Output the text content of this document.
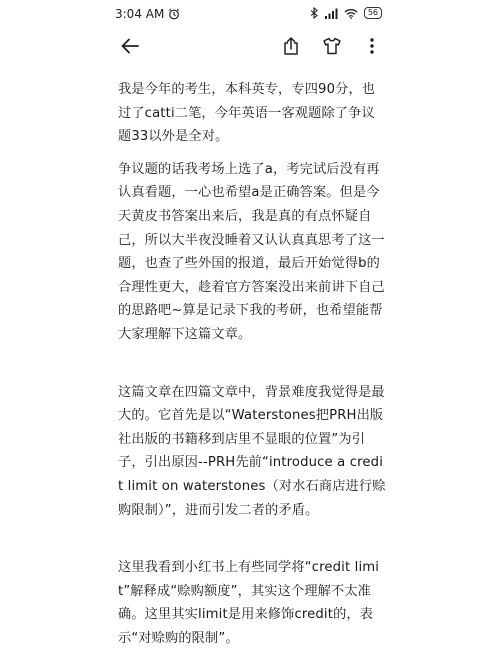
3:04 AM	56

我是今年的考生，本科英专，专四90分，也过了catti二笔，今年英语一客观题除了争议题33以外是全对。

争议题的话我考场上选了a，考完试后没有再认真看题，一心也希望a是正确答案。但是今天黄皮书答案出来后，我是真的有点怀疑自己，所以大半夜没睡着又认认真真思考了这一题，也查了些外国的报道，最后开始觉得b的合理性更大，趁着官方答案没出来前讲下自己的思路吧~算是记录下我的考研，也希望能帮大家理解下这篇文章。

这篇文章在四篇文章中，背景难度我觉得是最大的。它首先是以“Waterstones把PRH出版社出版的书籍移到店里不显眼的位置”为引子，引出原因--PRH先前“introduce a credit limit on waterstones（对水石商店进行赊购限制）”，进而引发二者的矛盾。

这里我看到小红书上有些同学将“credit limit”解释成“赊购额度”，其实这个理解不太准确。这里其实limit是用来修饰credit的，表示“对赊购的限制”。
